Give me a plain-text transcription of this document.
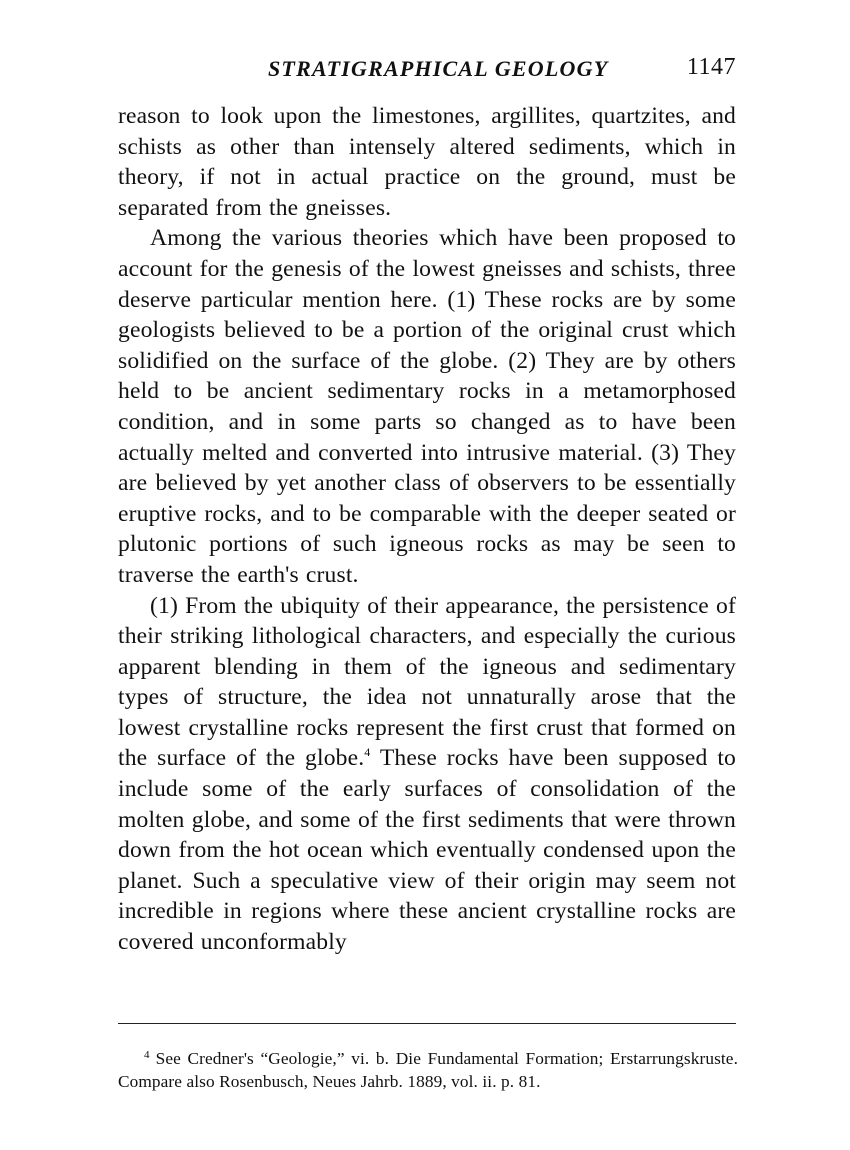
STRATIGRAPHICAL GEOLOGY	1147

reason to look upon the limestones, argillites, quartzites, and schists as other than intensely altered sediments, which in theory, if not in actual practice on the ground, must be separated from the gneisses.

Among the various theories which have been proposed to account for the genesis of the lowest gneisses and schists, three deserve particular mention here. (1) These rocks are by some geologists believed to be a portion of the original crust which solidified on the surface of the globe. (2) They are by others held to be ancient sedimentary rocks in a metamorphosed condition, and in some parts so changed as to have been actually melted and converted into intrusive material. (3) They are believed by yet another class of observers to be essentially eruptive rocks, and to be comparable with the deeper seated or plutonic portions of such igneous rocks as may be seen to traverse the earth's crust.

(1) From the ubiquity of their appearance, the persistence of their striking lithological characters, and especially the curious apparent blending in them of the igneous and sedimentary types of structure, the idea not unnaturally arose that the lowest crystalline rocks represent the first crust that formed on the surface of the globe.$^4$ These rocks have been supposed to include some of the early surfaces of consolidation of the molten globe, and some of the first sediments that were thrown down from the hot ocean which eventually condensed upon the planet. Such a speculative view of their origin may seem not incredible in regions where these ancient crystalline rocks are covered unconformably

$^4$ See Credner's “Geologie,” vi. b. Die Fundamental Formation; Erstarrungskruste. Compare also Rosenbusch, Neues Jahrb. 1889, vol. ii. p. 81.
